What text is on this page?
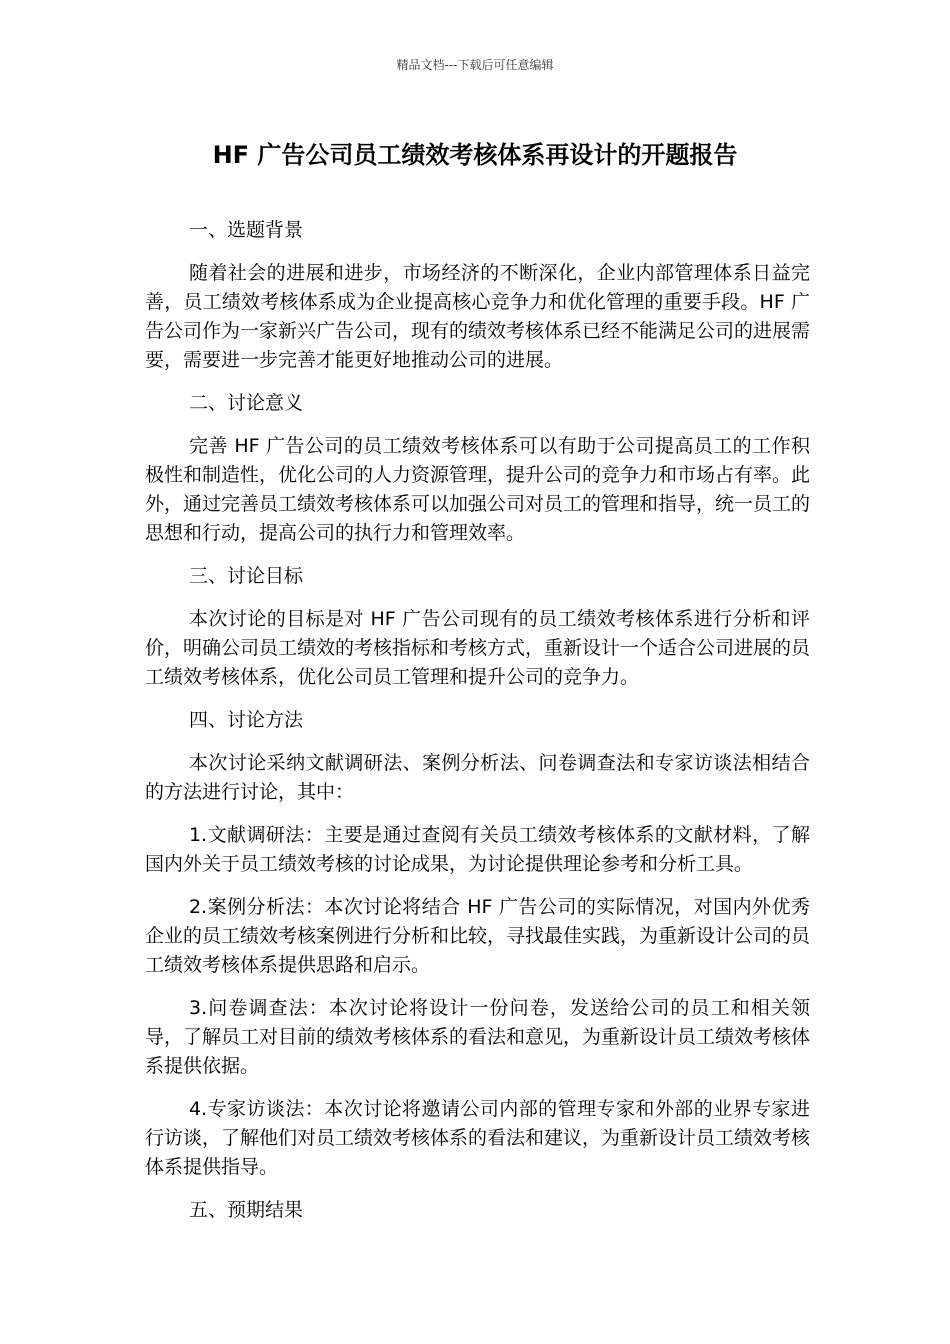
精品文档---下载后可任意编辑
HF 广告公司员工绩效考核体系再设计的开题报告

一、选题背景

随着社会的进展和进步，市场经济的不断深化，企业内部管理体系日益完善，员工绩效考核体系成为企业提高核心竞争力和优化管理的重要手段。HF 广告公司作为一家新兴广告公司，现有的绩效考核体系已经不能满足公司的进展需要，需要进一步完善才能更好地推动公司的进展。

二、讨论意义

完善 HF 广告公司的员工绩效考核体系可以有助于公司提高员工的工作积极性和制造性，优化公司的人力资源管理，提升公司的竞争力和市场占有率。此外，通过完善员工绩效考核体系可以加强公司对员工的管理和指导，统一员工的思想和行动，提高公司的执行力和管理效率。

三、讨论目标

本次讨论的目标是对 HF 广告公司现有的员工绩效考核体系进行分析和评价，明确公司员工绩效的考核指标和考核方式，重新设计一个适合公司进展的员工绩效考核体系，优化公司员工管理和提升公司的竞争力。

四、讨论方法

本次讨论采纳文献调研法、案例分析法、问卷调查法和专家访谈法相结合的方法进行讨论，其中：

1.文献调研法：主要是通过查阅有关员工绩效考核体系的文献材料，了解国内外关于员工绩效考核的讨论成果，为讨论提供理论参考和分析工具。

2.案例分析法：本次讨论将结合 HF 广告公司的实际情况，对国内外优秀企业的员工绩效考核案例进行分析和比较，寻找最佳实践，为重新设计公司的员工绩效考核体系提供思路和启示。

3.问卷调查法：本次讨论将设计一份问卷，发送给公司的员工和相关领导，了解员工对目前的绩效考核体系的看法和意见，为重新设计员工绩效考核体系提供依据。

4.专家访谈法：本次讨论将邀请公司内部的管理专家和外部的业界专家进行访谈，了解他们对员工绩效考核体系的看法和建议，为重新设计员工绩效考核体系提供指导。

五、预期结果
